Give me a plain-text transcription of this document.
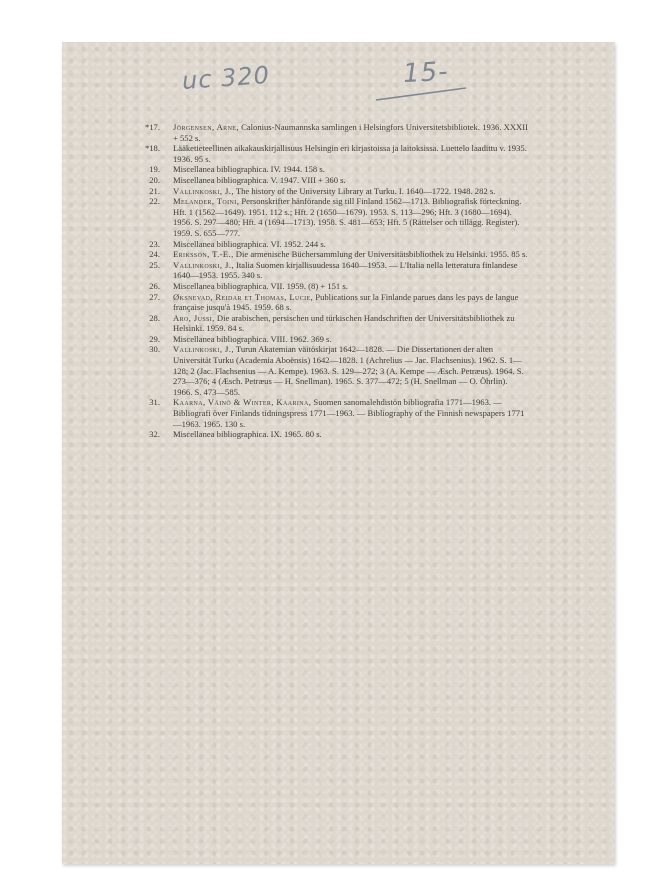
uc 320	15-

*17. Jörgensen, Arne, Calonius-Naumannska samlingen i Helsingfors Universitetsbibliotek. 1936. XXXII + 552 s.

*18. Lääketieteellinen aikakauskirjallisuus Helsingin eri kirjastoissa ja laitoksissa. Luettelo laadittu v. 1935. 1936. 95 s.

19. Miscellanea bibliographica. IV. 1944. 158 s.

20. Miscellanea bibliographica. V. 1947. VIII + 360 s.

21. Vallinkoski, J., The history of the University Library at Turku. I. 1640—1722. 1948. 282 s.

22. Melander, Toini, Personskrifter hänförande sig till Finland 1562—1713. Bibliografisk förteckning. Hft. 1 (1562—1649). 1951. 112 s.; Hft. 2 (1650—1679). 1953. S. 113—296; Hft. 3 (1680—1694). 1956. S. 297—480; Hft. 4 (1694—1713). 1958. S. 481—653; Hft. 5 (Rättelser och tillägg. Register). 1959. S. 655—777.

23. Miscellanea bibliographica. VI. 1952. 244 s.

24. Eriksson, T.-E., Die armenische Büchersammlung der Universitätsbibliothek zu Helsinki. 1955. 85 s.

25. Vallinkoski, J., Italia Suomen kirjallisuudessa 1640—1953. — L'Italia nella letteratura finlandese 1640—1953. 1955. 340 s.

26. Miscellanea bibliographica. VII. 1959. (8) + 151 s.

27. Øksnevad, Reidar et Thomas, Lucie, Publications sur la Finlande parues dans les pays de langue française jusqu'à 1945. 1959. 68 s.

28. Aro, Jussi, Die arabischen, persischen und türkischen Handschriften der Universitätsbibliothek zu Helsinki. 1959. 84 s.

29. Miscellanea bibliographica. VIII. 1962. 369 s.

30. Vallinkoski, J., Turun Akatemian väitöskirjat 1642—1828. — Die Dissertationen der alten Universität Turku (Academia Aboënsis) 1642—1828. 1 (Achrelius — Jac. Flachsenius). 1962. S. 1—128; 2 (Jac. Flachsenius — A. Kempe). 1963. S. 129—272; 3 (A. Kempe — Æsch. Petræus). 1964. S. 273—376; 4 (Æsch. Petræus — H. Snellman). 1965. S. 377—472; 5 (H. Snellman — O. Öhrlin). 1966. S. 473—585.

31. Kaarna, Väinö & Winter, Kaarina, Suomen sanomalehdistön bibliografia 1771—1963. — Bibliografi över Finlands tidningspress 1771—1963. — Bibliography of the Finnish newspapers 1771—1963. 1965. 130 s.

32. Miscellanea bibliographica. IX. 1965. 80 s.
